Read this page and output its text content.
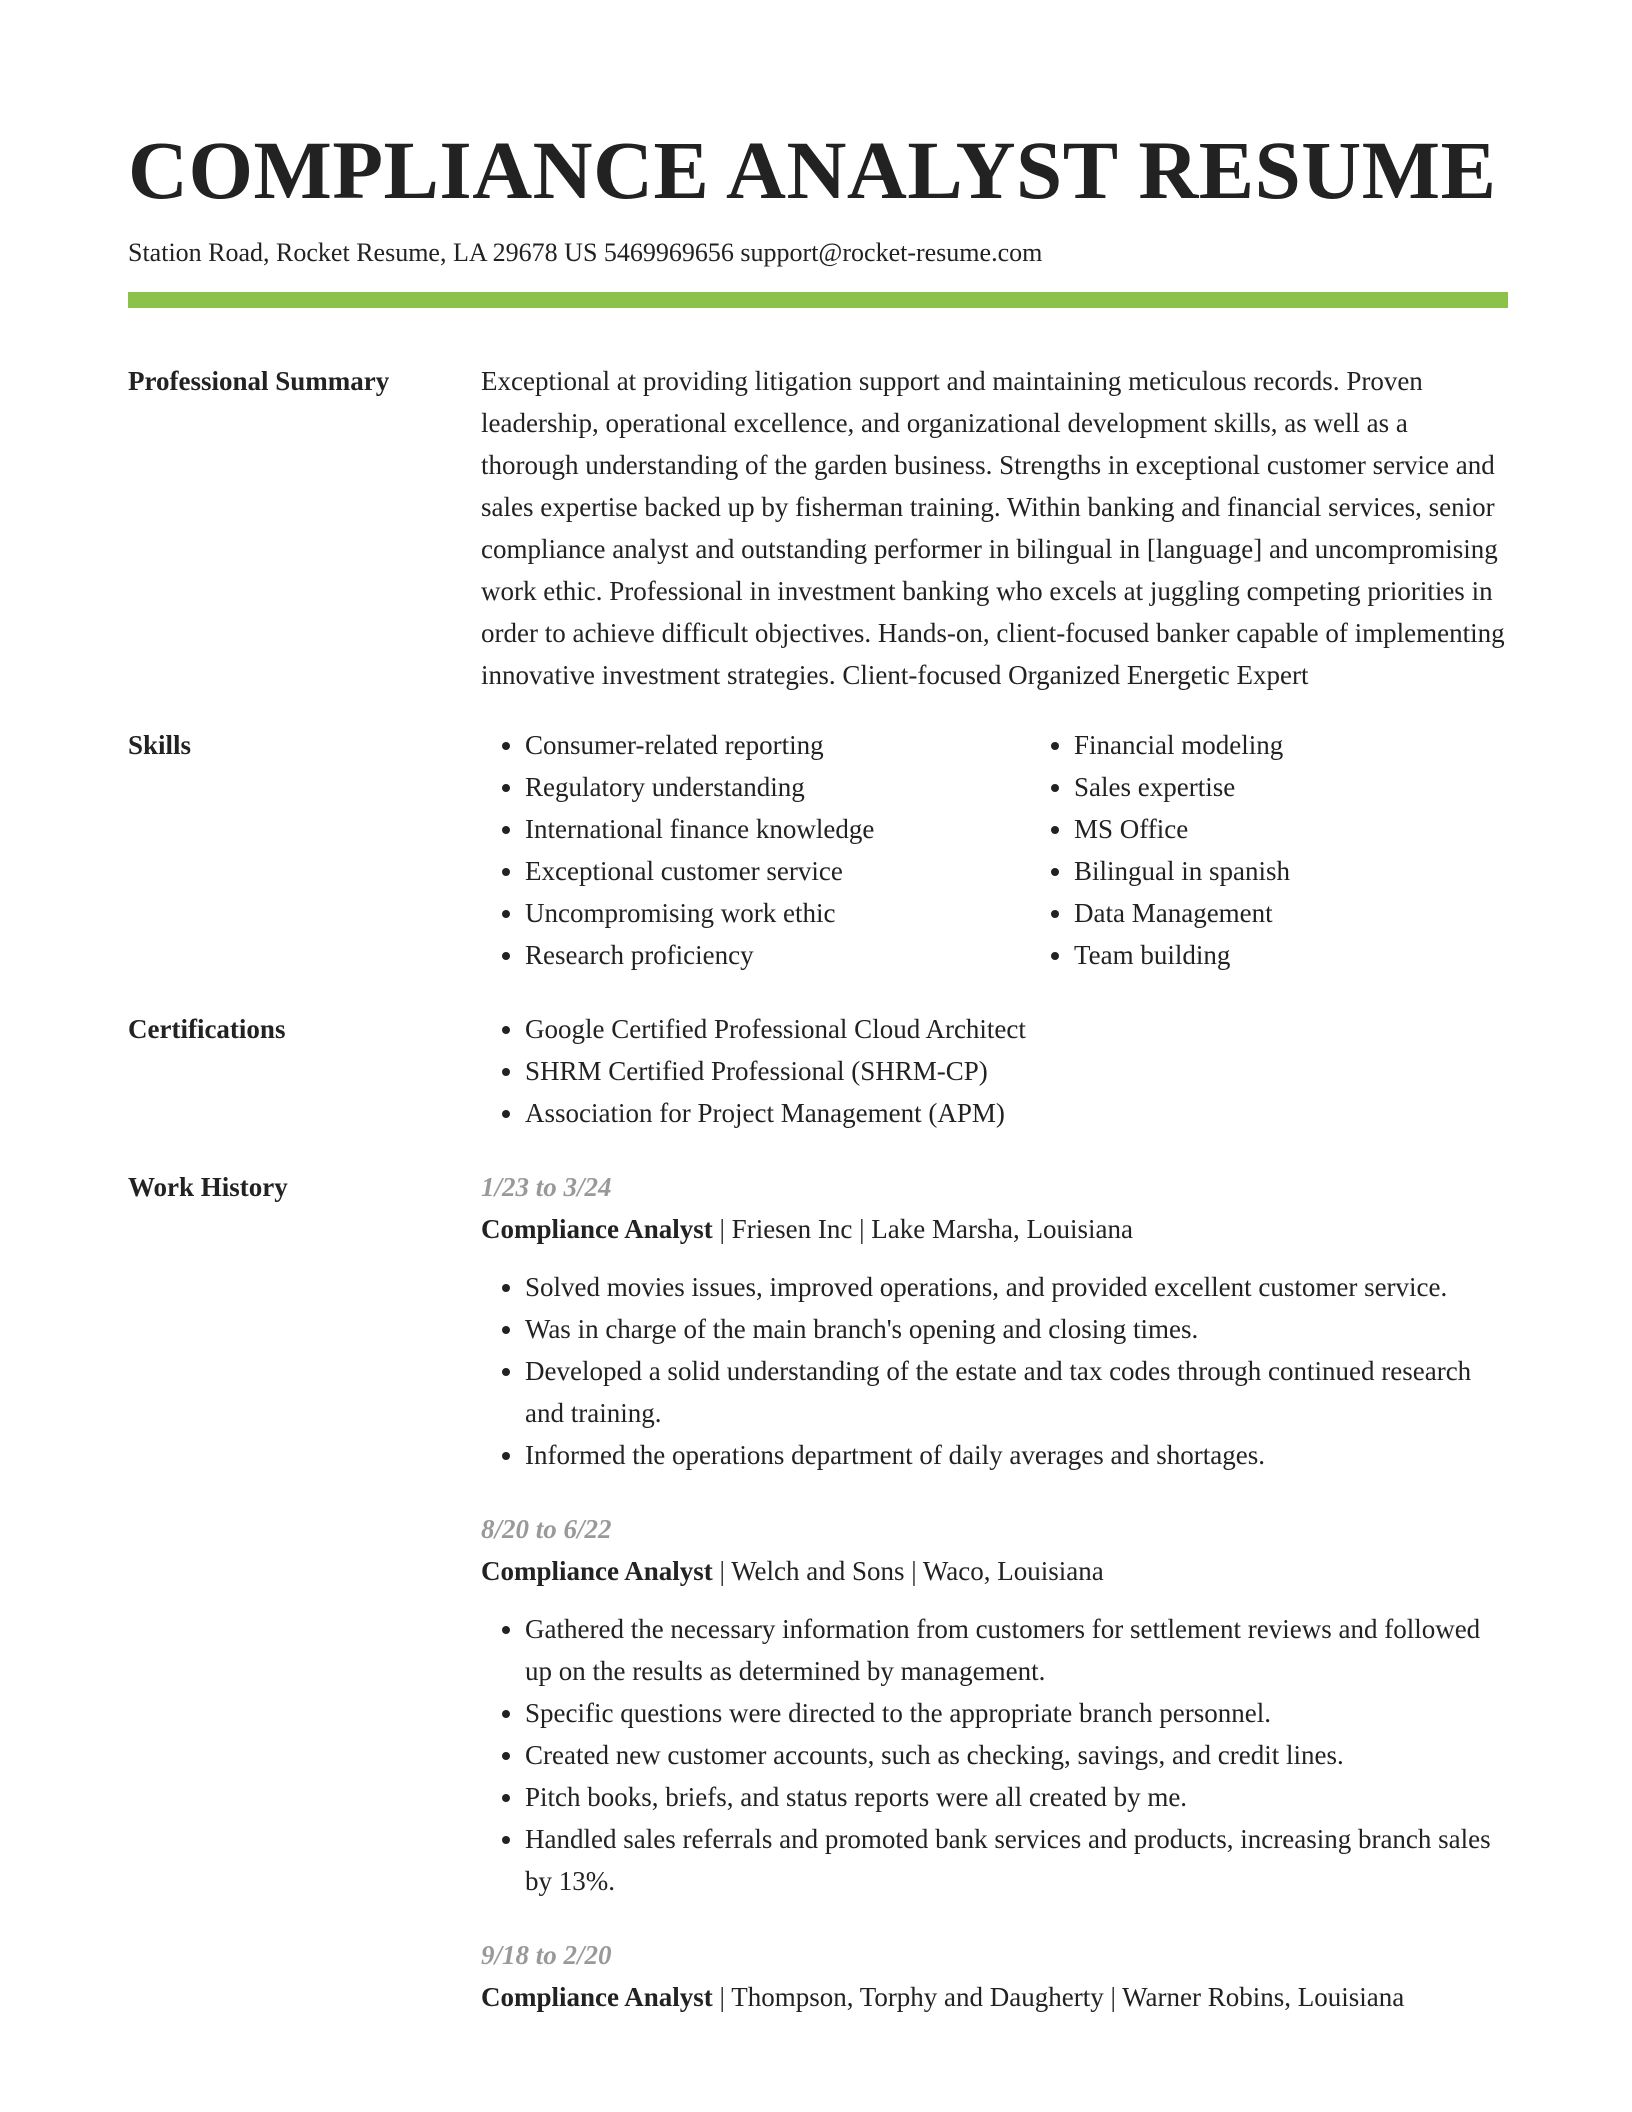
COMPLIANCE ANALYST RESUME
Station Road, Rocket Resume, LA 29678 US 5469969656 support@rocket-resume.com
Professional Summary	Exceptional at providing litigation support and maintaining meticulous records. Proven leadership, operational excellence, and organizational development skills, as well as a thorough understanding of the garden business. Strengths in exceptional customer service and sales expertise backed up by fisherman training. Within banking and financial services, senior compliance analyst and outstanding performer in bilingual in [language] and uncompromising work ethic. Professional in investment banking who excels at juggling competing priorities in order to achieve difficult objectives. Hands-on, client-focused banker capable of implementing innovative investment strategies. Client-focused Organized Energetic Expert

Skills	• Consumer-related reporting
• Regulatory understanding
• International finance knowledge
• Exceptional customer service
• Uncompromising work ethic
• Research proficiency
• Financial modeling
• Sales expertise
• MS Office
• Bilingual in spanish
• Data Management
• Team building
Certifications	• Google Certified Professional Cloud Architect
• SHRM Certified Professional (SHRM-CP)
• Association for Project Management (APM)
Work History	1/23 to 3/24
Compliance Analyst | Friesen Inc | Lake Marsha, Louisiana
• Solved movies issues, improved operations, and provided excellent customer service.
• Was in charge of the main branch's opening and closing times.
• Developed a solid understanding of the estate and tax codes through continued research and training.
• Informed the operations department of daily averages and shortages.
8/20 to 6/22
Compliance Analyst | Welch and Sons | Waco, Louisiana
• Gathered the necessary information from customers for settlement reviews and followed up on the results as determined by management.
• Specific questions were directed to the appropriate branch personnel.
• Created new customer accounts, such as checking, savings, and credit lines.
• Pitch books, briefs, and status reports were all created by me.
• Handled sales referrals and promoted bank services and products, increasing branch sales by 13%.
9/18 to 2/20
Compliance Analyst | Thompson, Torphy and Daugherty | Warner Robins, Louisiana
